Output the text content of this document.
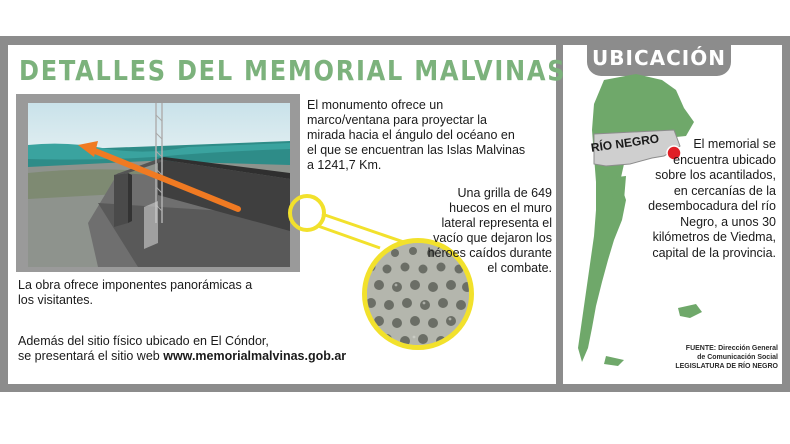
DETALLES DEL MEMORIAL MALVINAS
El monumento ofrece un marco/ventana para proyectar la mirada hacia el ángulo del océano en el que se encuentran las Islas Malvinas a 1241,7 Km.
Una grilla de 649 huecos en el muro lateral representa el vacío que dejaron los héroes caídos durante el combate.
La obra ofrece imponentes panorámicas a los visitantes.
Además del sitio físico ubicado en El Cóndor,
se presentará el sitio web www.memorialmalvinas.gob.ar
UBICACIÓN
RÍO NEGRO	El memorial se encuentra ubicado sobre los acantilados, en cercanías de la desembocadura del río Negro, a unos 30 kilómetros de Viedma, capital de la provincia.
FUENTE: Dirección General
de Comunicación Social
LEGISLATURA DE RÍO NEGRO
